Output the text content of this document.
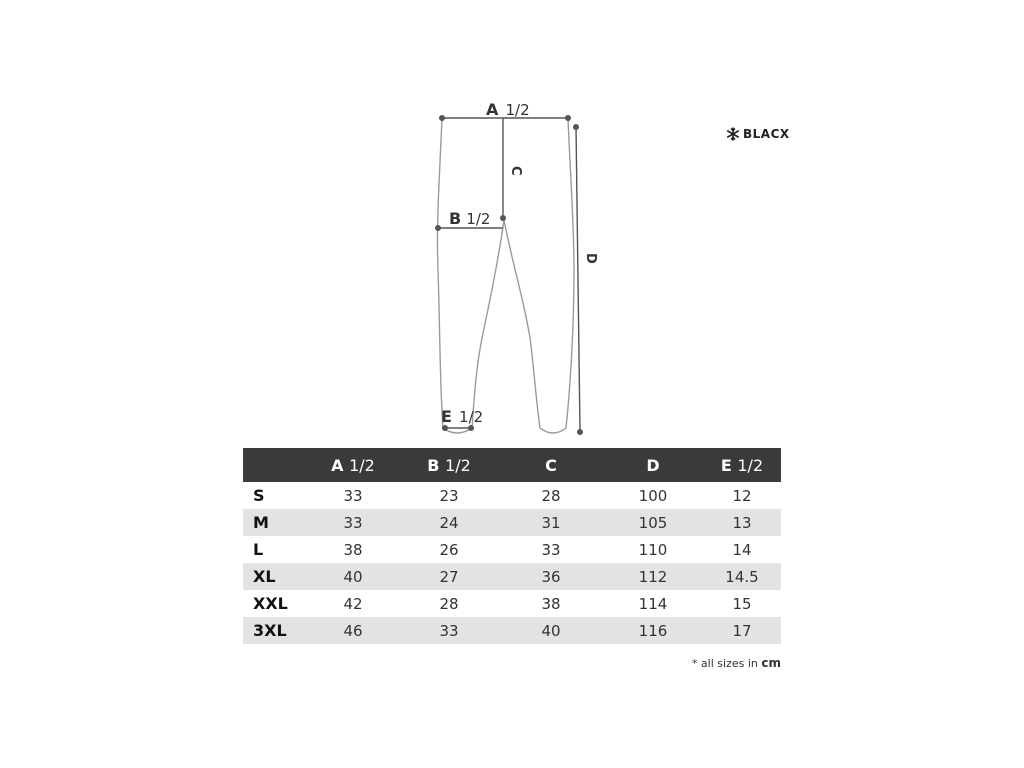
A 1/2
C
B 1/2
D
E 1/2
BLACX
	A 1/2	B 1/2	C	D	E 1/2
S	33	23	28	100	12
M	33	24	31	105	13
L	38	26	33	110	14
XL	40	27	36	112	14.5
XXL	42	28	38	114	15
3XL	46	33	40	116	17
* all sizes in cm
